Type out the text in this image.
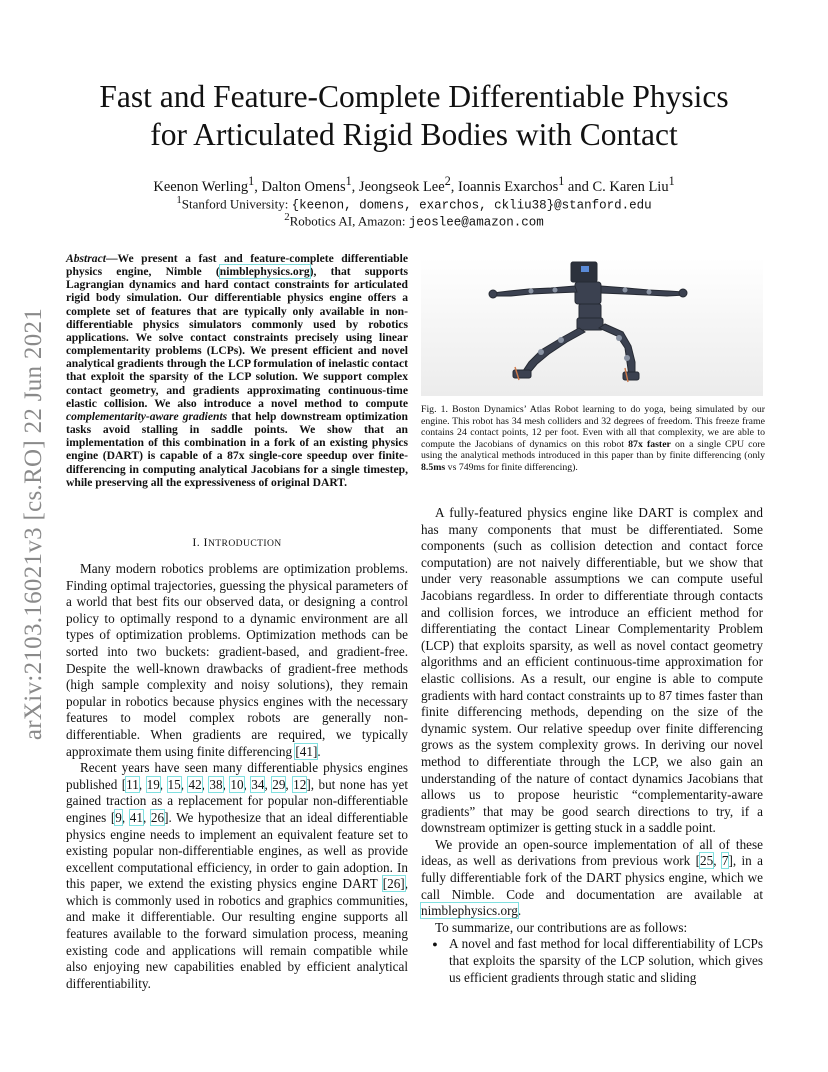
arXiv:2103.16021v3 [cs.RO] 22 Jun 2021
Fast and Feature-Complete Differentiable Physics
for Articulated Rigid Bodies with Contact
Keenon Werling$^1$, Dalton Omens$^1$, Jeongseok Lee$^2$, Ioannis Exarchos$^1$ and C. Karen Liu$^1$
$^1$Stanford University: {keenon, domens, exarchos, ckliu38}@stanford.edu
$^2$Robotics AI, Amazon: jeoslee@amazon.com

Abstract—We present a fast and feature-complete differentiable physics engine, Nimble (nimblephysics.org), that supports Lagrangian dynamics and hard contact constraints for articulated rigid body simulation. Our differentiable physics engine offers a complete set of features that are typically only available in non-differentiable physics simulators commonly used by robotics applications. We solve contact constraints precisely using linear complementarity problems (LCPs). We present efficient and novel analytical gradients through the LCP formulation of inelastic contact that exploit the sparsity of the LCP solution. We support complex contact geometry, and gradients approximating continuous-time elastic collision. We also introduce a novel method to compute complementarity-aware gradients that help downstream optimization tasks avoid stalling in saddle points. We show that an implementation of this combination in a fork of an existing physics engine (DART) is capable of a 87x single-core speedup over finite-differencing in computing analytical Jacobians for a single timestep, while preserving all the expressiveness of original DART.

I. INTRODUCTION

Many modern robotics problems are optimization problems. Finding optimal trajectories, guessing the physical parameters of a world that best fits our observed data, or designing a control policy to optimally respond to a dynamic environment are all types of optimization problems. Optimization methods can be sorted into two buckets: gradient-based, and gradient-free. Despite the well-known drawbacks of gradient-free methods (high sample complexity and noisy solutions), they remain popular in robotics because physics engines with the necessary features to model complex robots are generally non-differentiable. When gradients are required, we typically approximate them using finite differencing [41].

Recent years have seen many differentiable physics engines published [11, 19, 15, 42, 38, 10, 34, 29, 12], but none has yet gained traction as a replacement for popular non-differentiable engines [9, 41, 26]. We hypothesize that an ideal differentiable physics engine needs to implement an equivalent feature set to existing popular non-differentiable engines, as well as provide excellent computational efficiency, in order to gain adoption. In this paper, we extend the existing physics engine DART [26], which is commonly used in robotics and graphics communities, and make it differentiable. Our resulting engine supports all features available to the forward simulation process, meaning existing code and applications will remain compatible while also enjoying new capabilities enabled by efficient analytical differentiability.

Fig. 1. Boston Dynamics’ Atlas Robot learning to do yoga, being simulated by our engine. This robot has 34 mesh colliders and 32 degrees of freedom. This freeze frame contains 24 contact points, 12 per foot. Even with all that complexity, we are able to compute the Jacobians of dynamics on this robot 87x faster on a single CPU core using the analytical methods introduced in this paper than by finite differencing (only 8.5ms vs 749ms for finite differencing).

A fully-featured physics engine like DART is complex and has many components that must be differentiated. Some components (such as collision detection and contact force computation) are not naively differentiable, but we show that under very reasonable assumptions we can compute useful Jacobians regardless. In order to differentiate through contacts and collision forces, we introduce an efficient method for differentiating the contact Linear Complementarity Problem (LCP) that exploits sparsity, as well as novel contact geometry algorithms and an efficient continuous-time approximation for elastic collisions. As a result, our engine is able to compute gradients with hard contact constraints up to 87 times faster than finite differencing methods, depending on the size of the dynamic system. Our relative speedup over finite differencing grows as the system complexity grows. In deriving our novel method to differentiate through the LCP, we also gain an understanding of the nature of contact dynamics Jacobians that allows us to propose heuristic “complementarity-aware gradients” that may be good search directions to try, if a downstream optimizer is getting stuck in a saddle point.

We provide an open-source implementation of all of these ideas, as well as derivations from previous work [25, 7], in a fully differentiable fork of the DART physics engine, which we call Nimble. Code and documentation are available at nimblephysics.org.

To summarize, our contributions are as follows:

● A novel and fast method for local differentiability of LCPs that exploits the sparsity of the LCP solution, which gives us efficient gradients through static and sliding
